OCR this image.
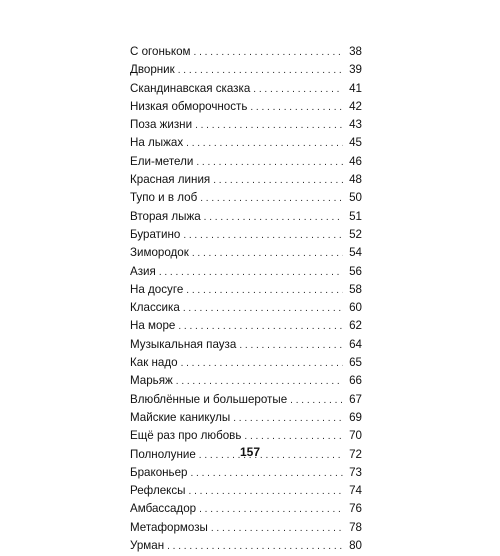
С огоньком . . .	38
Дворник . . .	39
Скандинавская сказка . . .	41
Низкая обморочность . . .	42
Поза жизни . . .	43
На лыжах . . .	45
Ели-метели . . .	46
Красная линия . . .	48
Тупо и в лоб . . .	50
Вторая лыжа . . .	51
Буратино . . .	52
Зимородок . . .	54
Азия . . .	56
На досуге . . .	58
Классика . . .	60
На море . . .	62
Музыкальная пауза . . .	64
Как надо . . .	65
Марьяж . . .	66
Влюблённые и большеротые . . .	67
Майские каникулы . . .	69
Ещё раз про любовь . . .	70
Полнолуние . . .	72
Браконьер . . .	73
Рефлексы . . .	74
Амбассадор . . .	76
Метаформозы . . .	78
Урман . . .	80
157
